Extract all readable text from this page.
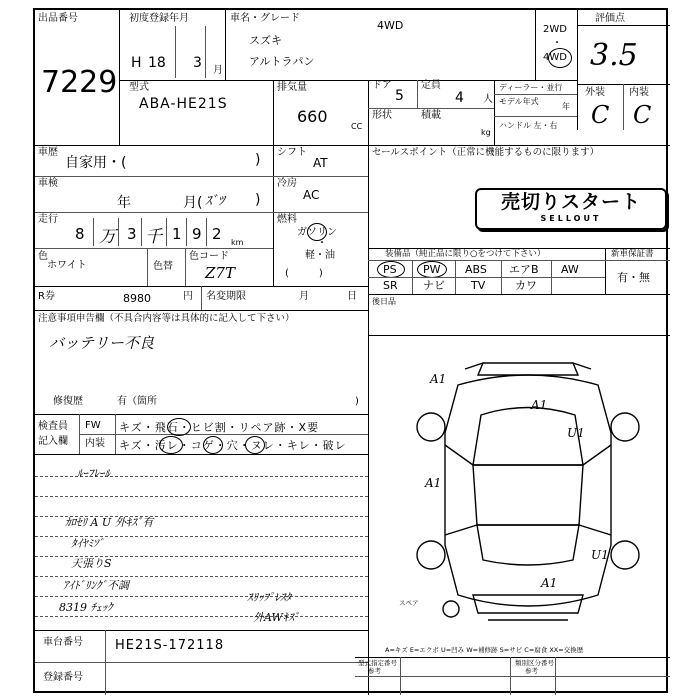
出品番号
7229
初度登録年月
H 18 3 月
車名・グレード
4WD
スズキ
アルトラパン
2WD
・
4WD
評価点
3.5
外装 内装
C C
型式
ABA-HE21S
排気量
660
CC
ドア
5
定員
4 人
形状	積載
kg
ディーラー・並行
モデル年式
年
ハンドル 左・右
車歴
自家用・(	)
車検
年	月( ｽﾞﾂ )
走行
8 万 3 千 1 9 2 km
色
ホワイト	色替
色コード
Z7T
シフト
AT
冷房
AC
燃料
ガソリン
・
軽・油
(　　　)
セールスポイント（正常に機能するものに限ります）
R券	8980	円 名変期限	月	日
注意事項申告欄（不具合内容等は具体的に記入して下さい）
バッテリー不良
修復歴	有（箇所	)
検査員
記入欄
FW
内装
キズ・飛石・ヒビ割・リペア跡・X要
キズ・汚レ・コゲ・穴・ヌレ・キレ・破レ
ﾙｰﾌﾚｰﾙ
ｶﾛｾﾘ A U 外ｷｽﾞ有
ﾀｲﾔﾐｿﾞ
天張りS
ｱｲﾄﾞﾘﾝｸﾞ不調
8319 ﾁｪｯｸ
ｽﾘｯﾌﾟﾚｽﾀ
外AWｷｽﾞ
車台番号 HE21S-172118
登録番号
売切りスタート
SELLOUT
装備品（純正品に限り○をつけて下さい）	新車保証書
有・無
PS PW ABS エアB AW
SR ナビ TV	カワ
後日品
A1
A1
A1
U1
U1
A1
スペア
A=キズ E=エクボ U=凹み W=補修跡 S=サビ C=腐食 XX=交換歴
型式指定番号
参考
類別区分番号
参考
